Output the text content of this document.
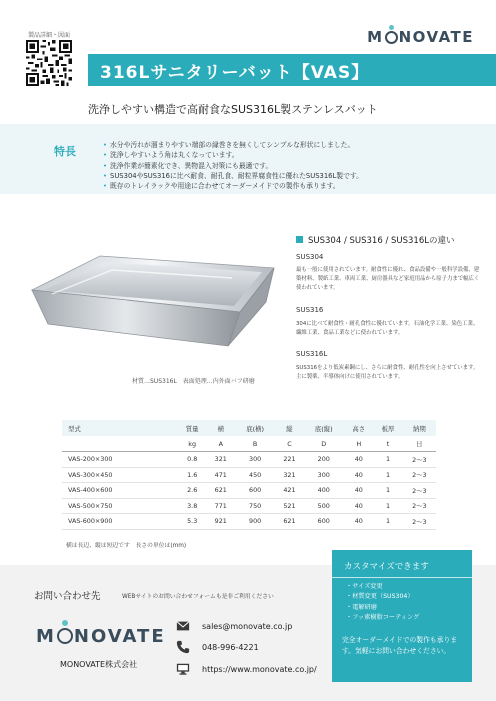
製品詳細・図面	M NOVATE
316Lサニタリーバット【VAS】
洗浄しやすい構造で高耐食なSUS316L製ステンレスバット
• 水分や汚れが溜まりやすい端部の縁巻きを無くしてシンプルな形状にしました。
• 洗浄しやすいよう角は丸くなっています。
• 洗浄作業が簡素化でき、異物混入対策にも最適です。
• SUS304やSUS316に比べ耐食、耐孔食、耐粒界腐食性に優れたSUS316L製です。
• 既存のトレイラックや用途に合わせてオーダーメイドでの製作も承ります。
特長
材質…SUS316L　表面処理…内外面バフ研磨
SUS304 / SUS316 / SUS316Lの違い
SUS304
最も一般に使用されています。耐食性に優れ、食品設備や一般科学設備、建築材料、製紙工業、車両工業、厨房器具など家庭用品から原子力まで幅広く使われています。
SUS316
304に比べて耐食性・耐孔食性に優れています。石油化学工業、染色工業、繊維工業、食品工業などに使われています。
SUS316L
SUS316をより低炭素鋼にし、さらに耐食性、耐孔性を向上させています。主に製薬、半導体向けに使用されています。
型式	質量	横	底(横)	縦	底(縦)	高さ	板厚	納期
	kg	A	B	C	D	H	t	日
VAS-200×300	0.8	321	300	221	200	40	1	2〜3
VAS-300×450	1.6	471	450	321	300	40	1	2〜3
VAS-400×600	2.6	621	600	421	400	40	1	2〜3
VAS-500×750	3.8	771	750	521	500	40	1	2〜3
VAS-600×900	5.3	921	900	621	600	40	1	2〜3
横は長辺、縦は短辺です　長さの単位は(mm)
お問い合わせ先	WEBサイトのお問い合わせフォームも是非ご利用ください
M NOVATE
MONOVATE株式会社
sales@monovate.co.jp
048-996-4221
https://www.monovate.co.jp/
カスタマイズできます
・ サイズ変更
・ 材質変更（SUS304）
・ 電解研磨
・ フッ素樹脂コーティング
完全オーダーメイドでの製作も承ります。気軽にお問い合わせください。
